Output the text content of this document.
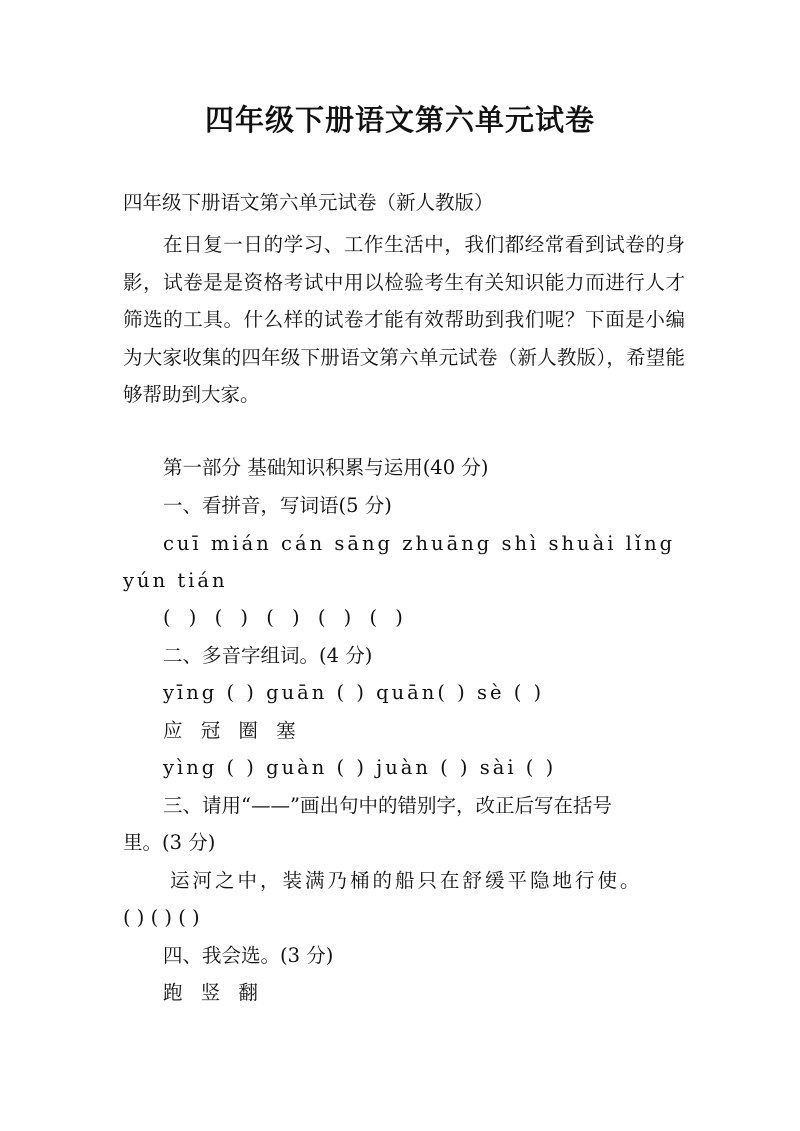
四年级下册语文第六单元试卷
四年级下册语文第六单元试卷（新人教版）
在日复一日的学习、工作生活中，我们都经常看到试卷的身影，试卷是是资格考试中用以检验考生有关知识能力而进行人才筛选的工具。什么样的试卷才能有效帮助到我们呢？下面是小编为大家收集的四年级下册语文第六单元试卷（新人教版），希望能够帮助到大家。
第一部分 基础知识积累与运用(40 分)
一、看拼音，写词语(5 分)
cuī mián cán sāng zhuāng shì shuài lǐng
yún tián
( ) ( ) ( ) ( ) ( )
二、多音字组词。(4 分)
yīng ( ) guān ( ) quān( ) sè ( )
应 冠 圈 塞
yìng ( ) guàn ( ) juàn ( ) sài ( )
三、请用“——”画出句中的错别字，改正后写在括号
里。(3 分)
运河之中，装满乃桶的船只在舒缓平隐地行使。
( ) ( ) ( )
四、我会选。(3 分)
跑 竖 翻
